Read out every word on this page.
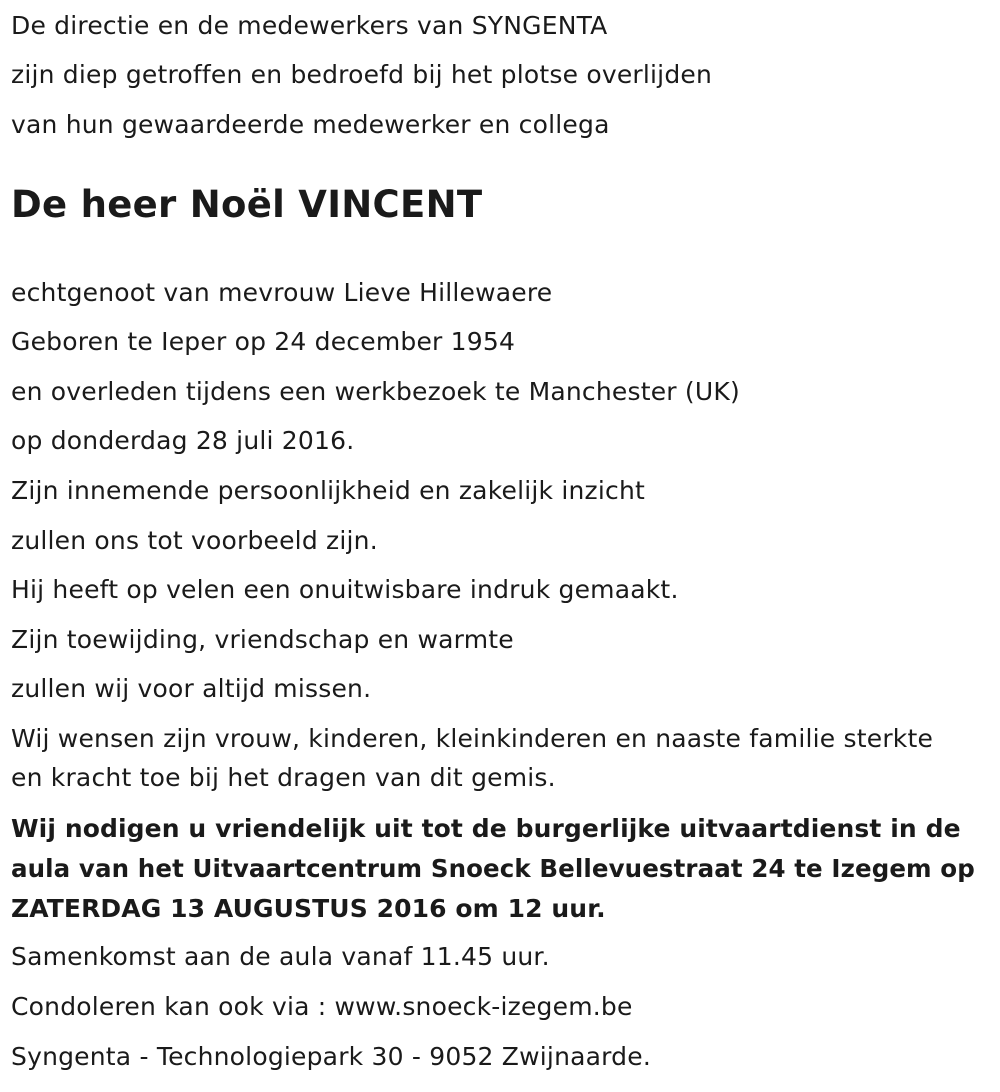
De directie en de medewerkers van SYNGENTA
zijn diep getroffen en bedroefd bij het plotse overlijden
van hun gewaardeerde medewerker en collega
De heer Noël VINCENT
echtgenoot van mevrouw Lieve Hillewaere
Geboren te Ieper op 24 december 1954
en overleden tijdens een werkbezoek te Manchester (UK)
op donderdag 28 juli 2016.
Zijn innemende persoonlijkheid en zakelijk inzicht
zullen ons tot voorbeeld zijn.
Hij heeft op velen een onuitwisbare indruk gemaakt.
Zijn toewijding, vriendschap en warmte
zullen wij voor altijd missen.
Wij wensen zijn vrouw, kinderen, kleinkinderen en naaste familie sterkte
en kracht toe bij het dragen van dit gemis.
Wij nodigen u vriendelijk uit tot de burgerlijke uitvaartdienst in de
aula van het Uitvaartcentrum Snoeck Bellevuestraat 24 te Izegem op
ZATERDAG 13 AUGUSTUS 2016 om 12 uur.
Samenkomst aan de aula vanaf 11.45 uur.
Condoleren kan ook via : www.snoeck-izegem.be
Syngenta - Technologiepark 30 - 9052 Zwijnaarde.
